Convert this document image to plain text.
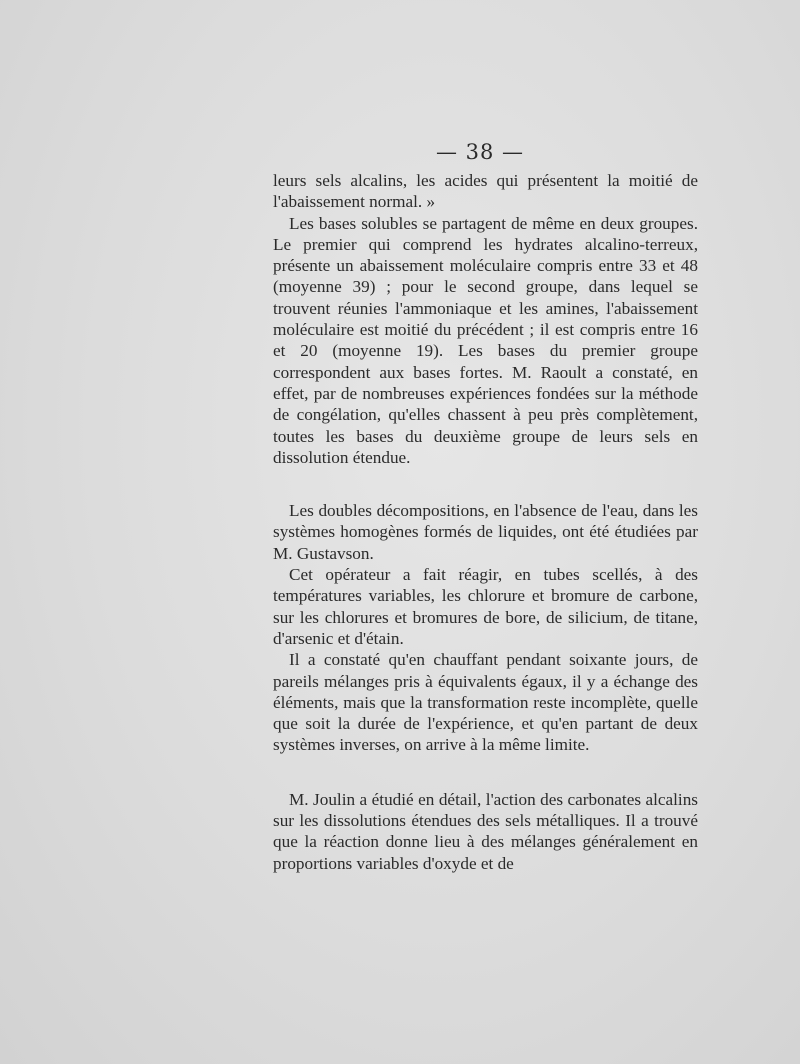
— 38 —

leurs sels alcalins, les acides qui présentent la moitié de l'abaissement normal. »

Les bases solubles se partagent de même en deux groupes. Le premier qui comprend les hydrates alcalino-terreux, présente un abaissement moléculaire compris entre 33 et 48 (moyenne 39) ; pour le second groupe, dans lequel se trouvent réunies l'ammoniaque et les amines, l'abaissement moléculaire est moitié du précédent ; il est compris entre 16 et 20 (moyenne 19). Les bases du premier groupe correspondent aux bases fortes. M. Raoult a constaté, en effet, par de nombreuses expériences fondées sur la méthode de congélation, qu'elles chassent à peu près complètement, toutes les bases du deuxième groupe de leurs sels en dissolution étendue.

Les doubles décompositions, en l'absence de l'eau, dans les systèmes homogènes formés de liquides, ont été étudiées par M. Gustavson.

Cet opérateur a fait réagir, en tubes scellés, à des températures variables, les chlorure et bromure de carbone, sur les chlorures et bromures de bore, de silicium, de titane, d'arsenic et d'étain.

Il a constaté qu'en chauffant pendant soixante jours, de pareils mélanges pris à équivalents égaux, il y a échange des éléments, mais que la transformation reste incomplète, quelle que soit la durée de l'expérience, et qu'en partant de deux systèmes inverses, on arrive à la même limite.

M. Joulin a étudié en détail, l'action des carbonates alcalins sur les dissolutions étendues des sels métalliques. Il a trouvé que la réaction donne lieu à des mélanges généralement en proportions variables d'oxyde et de
